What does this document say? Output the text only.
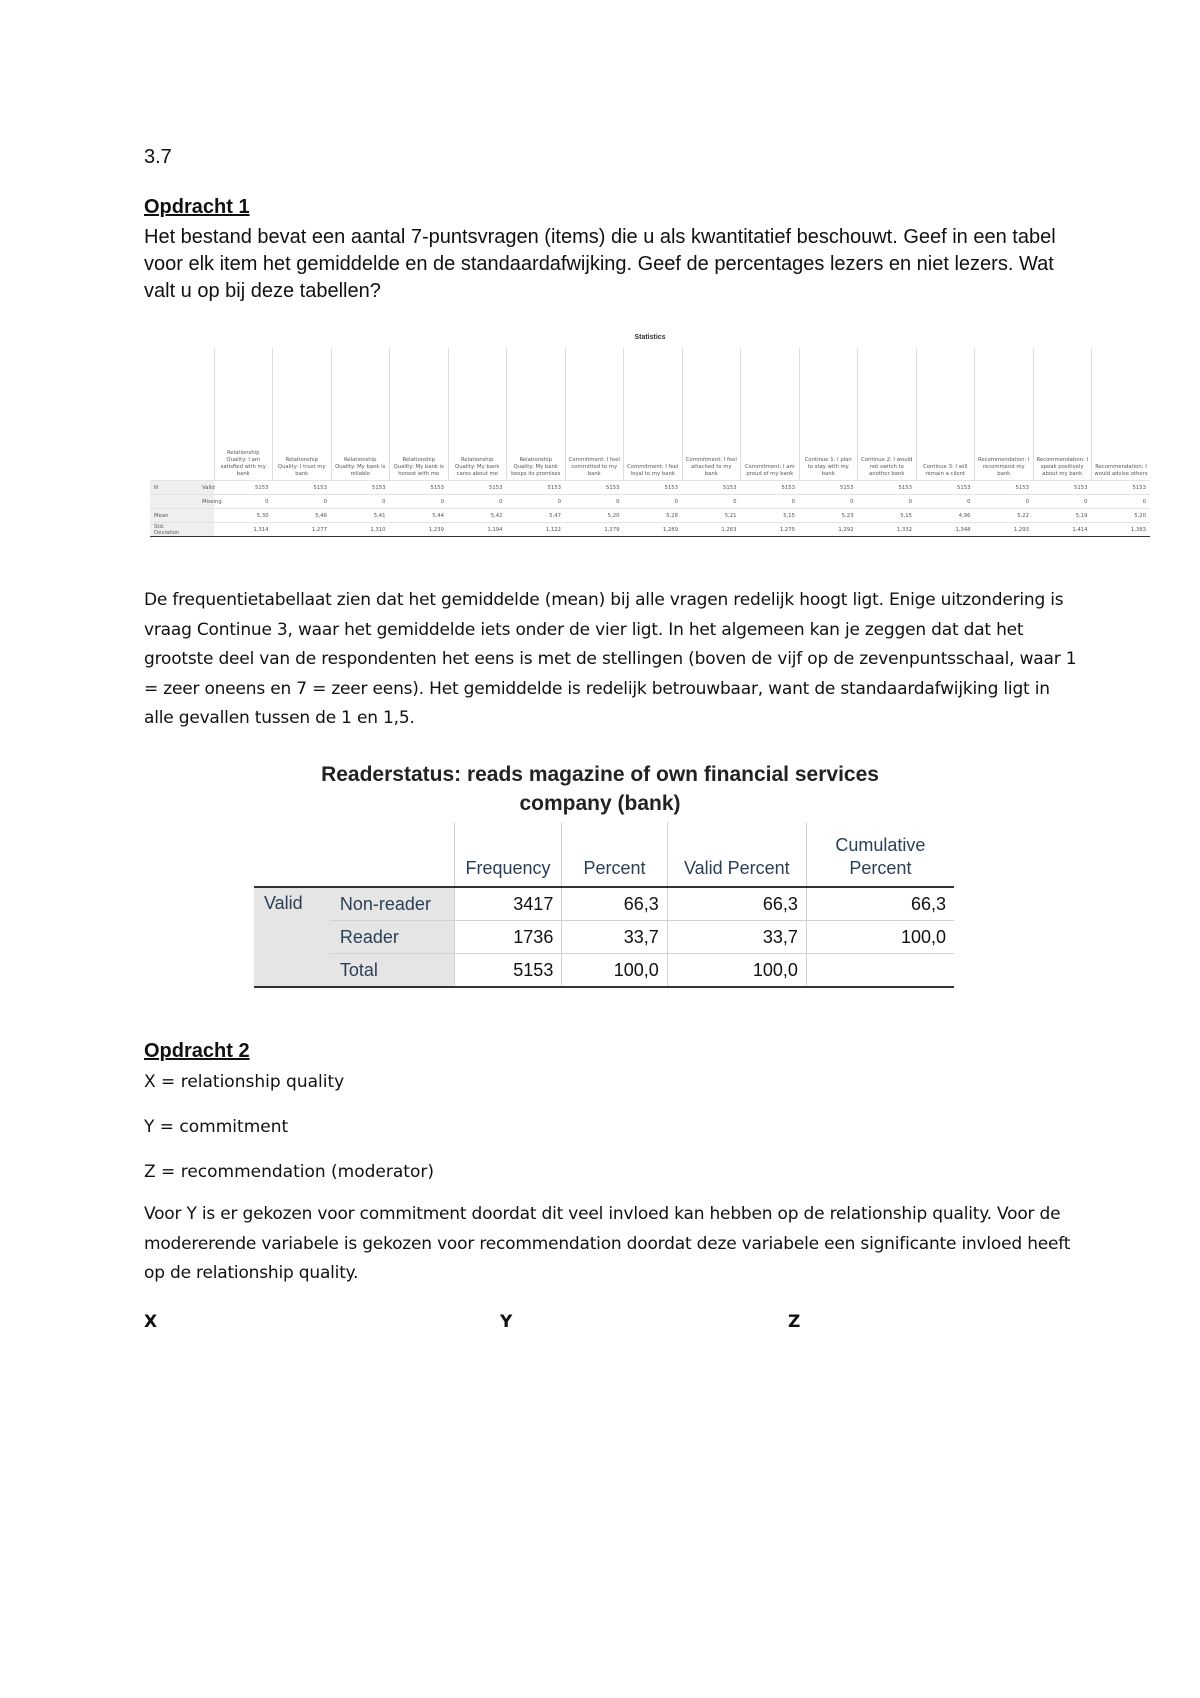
3.7
Opdracht 1
Het bestand bevat een aantal 7-puntsvragen (items) die u als kwantitatief beschouwt. Geef in een tabel voor elk item het gemiddelde en de standaardafwijking. Geef de percentages lezers en niet lezers. Wat valt u op bij deze tabellen?
Statistics
		Relationship Quality: I am satisfied with my bank	Relationship Quality: I trust my bank	Relationship Quality: My bank is reliable	Relationship Quality: My bank is honest with me	Relationship Quality: My bank cares about me	Relationship Quality: My bank keeps its promises	Commitment: I feel committed to my bank	Commitment: I feel loyal to my bank	Commitment: I feel attached to my bank	Commitment: I am proud of my bank	Continue 1: I plan to stay with my bank	Continue 2: I would not switch to another bank	Continue 3: I will remain a client	Recommendation: I recommend my bank	Recommendation: I speak positively about my bank	Recommendation: I would advise others
N	Valid	5153	5153	5153	5153	5153	5153	5153	5153	5153	5153	5153	5153	5153	5153	5153	5153
	Missing	0	0	0	0	0	0	0	0	0	0	0	0	0	0	0	0
Mean		5,30	5,46	5,41	5,44	5,42	5,47	5,20	5,28	5,21	5,15	5,23	5,15	4,96	5,22	5,19	5,20
Std. Deviation		1,314	1,277	1,310	1,239	1,194	1,122	1,279	1,289	1,263	1,275	1,292	1,332	1,348	1,293	1,414	1,383
De frequentietabellaat zien dat het gemiddelde (mean) bij alle vragen redelijk hoogt ligt. Enige uitzondering is vraag Continue 3, waar het gemiddelde iets onder de vier ligt. In het algemeen kan je zeggen dat dat het grootste deel van de respondenten het eens is met de stellingen (boven de vijf op de zevenpuntsschaal, waar 1 = zeer oneens en 7 = zeer eens). Het gemiddelde is redelijk betrouwbaar, want de standaardafwijking ligt in alle gevallen tussen de 1 en 1,5.
Readerstatus: reads magazine of own financial services
company (bank)
		Frequency	Percent	Valid Percent	Cumulative
Percent
Valid	Non-reader	3417	66,3	66,3	66,3
	Reader	1736	33,7	33,7	100,0
	Total	5153	100,0	100,0	
Opdracht 2
X = relationship quality
Y = commitment
Z = recommendation (moderator)
Voor Y is er gekozen voor commitment doordat dit veel invloed kan hebben op de relationship quality. Voor de modererende variabele is gekozen voor recommendation doordat deze variabele een significante invloed heeft op de relationship quality.
X	Y	Z
